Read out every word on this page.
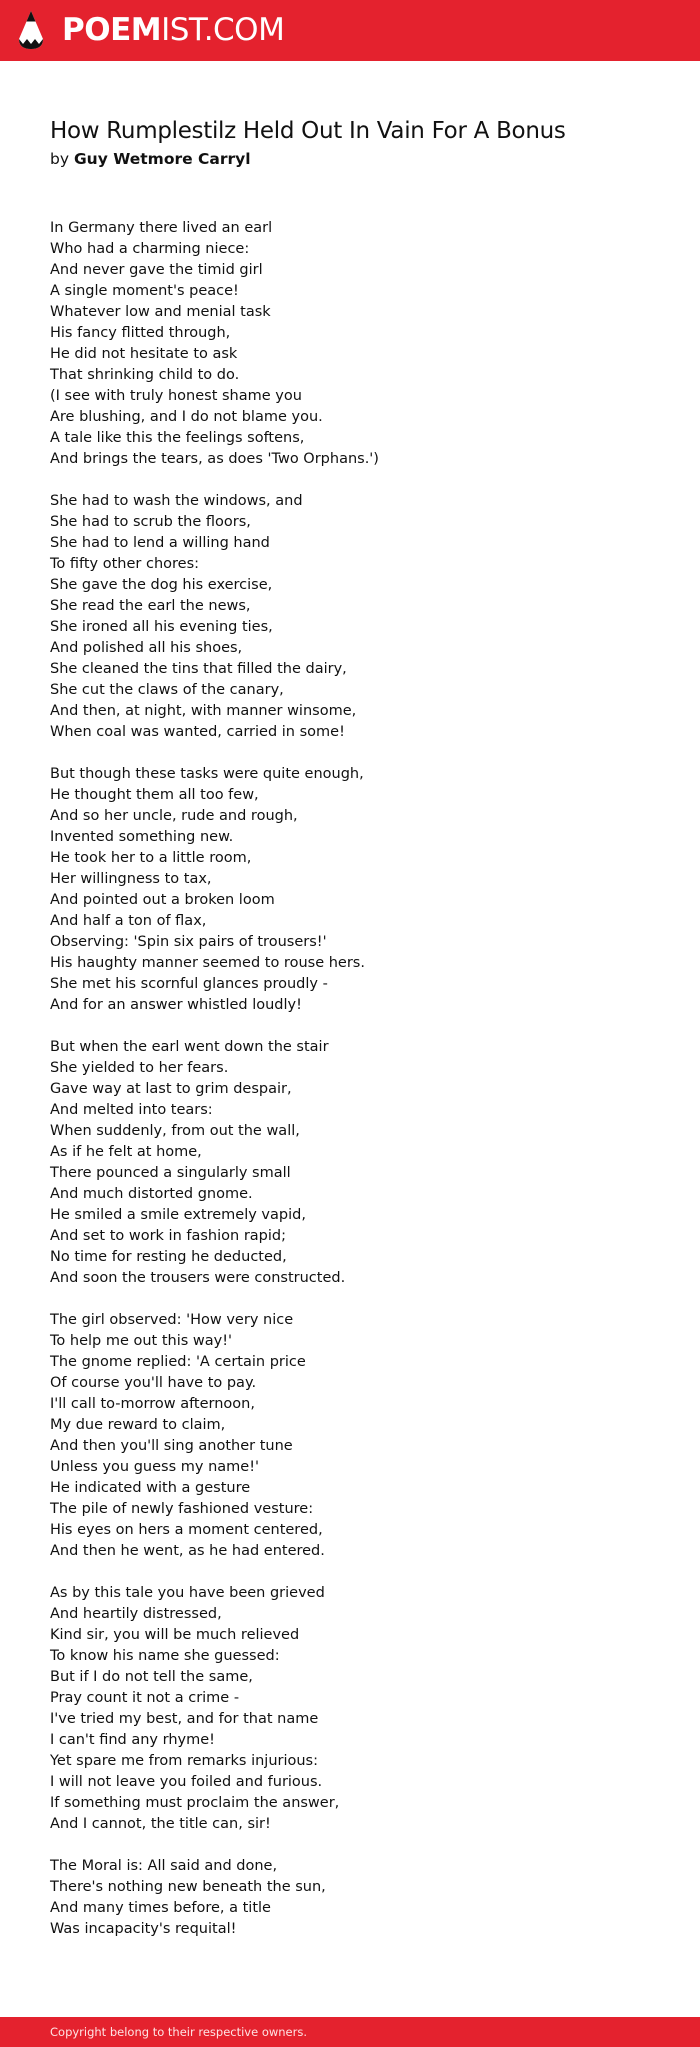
POEMIST.COM
How Rumplestilz Held Out In Vain For A Bonus
by Guy Wetmore Carryl
In Germany there lived an earl
Who had a charming niece:
And never gave the timid girl
A single moment's peace!
Whatever low and menial task
His fancy flitted through,
He did not hesitate to ask
That shrinking child to do.
(I see with truly honest shame you
Are blushing, and I do not blame you.
A tale like this the feelings softens,
And brings the tears, as does 'Two Orphans.')
She had to wash the windows, and
She had to scrub the floors,
She had to lend a willing hand
To fifty other chores:
She gave the dog his exercise,
She read the earl the news,
She ironed all his evening ties,
And polished all his shoes,
She cleaned the tins that filled the dairy,
She cut the claws of the canary,
And then, at night, with manner winsome,
When coal was wanted, carried in some!
But though these tasks were quite enough,
He thought them all too few,
And so her uncle, rude and rough,
Invented something new.
He took her to a little room,
Her willingness to tax,
And pointed out a broken loom
And half a ton of flax,
Observing: 'Spin six pairs of trousers!'
His haughty manner seemed to rouse hers.
She met his scornful glances proudly -
And for an answer whistled loudly!
But when the earl went down the stair
She yielded to her fears.
Gave way at last to grim despair,
And melted into tears:
When suddenly, from out the wall,
As if he felt at home,
There pounced a singularly small
And much distorted gnome.
He smiled a smile extremely vapid,
And set to work in fashion rapid;
No time for resting he deducted,
And soon the trousers were constructed.
The girl observed: 'How very nice
To help me out this way!'
The gnome replied: 'A certain price
Of course you'll have to pay.
I'll call to-morrow afternoon,
My due reward to claim,
And then you'll sing another tune
Unless you guess my name!'
He indicated with a gesture
The pile of newly fashioned vesture:
His eyes on hers a moment centered,
And then he went, as he had entered.
As by this tale you have been grieved
And heartily distressed,
Kind sir, you will be much relieved
To know his name she guessed:
But if I do not tell the same,
Pray count it not a crime -
I've tried my best, and for that name
I can't find any rhyme!
Yet spare me from remarks injurious:
I will not leave you foiled and furious.
If something must proclaim the answer,
And I cannot, the title can, sir!
The Moral is: All said and done,
There's nothing new beneath the sun,
And many times before, a title
Was incapacity's requital!
Copyright belong to their respective owners.
